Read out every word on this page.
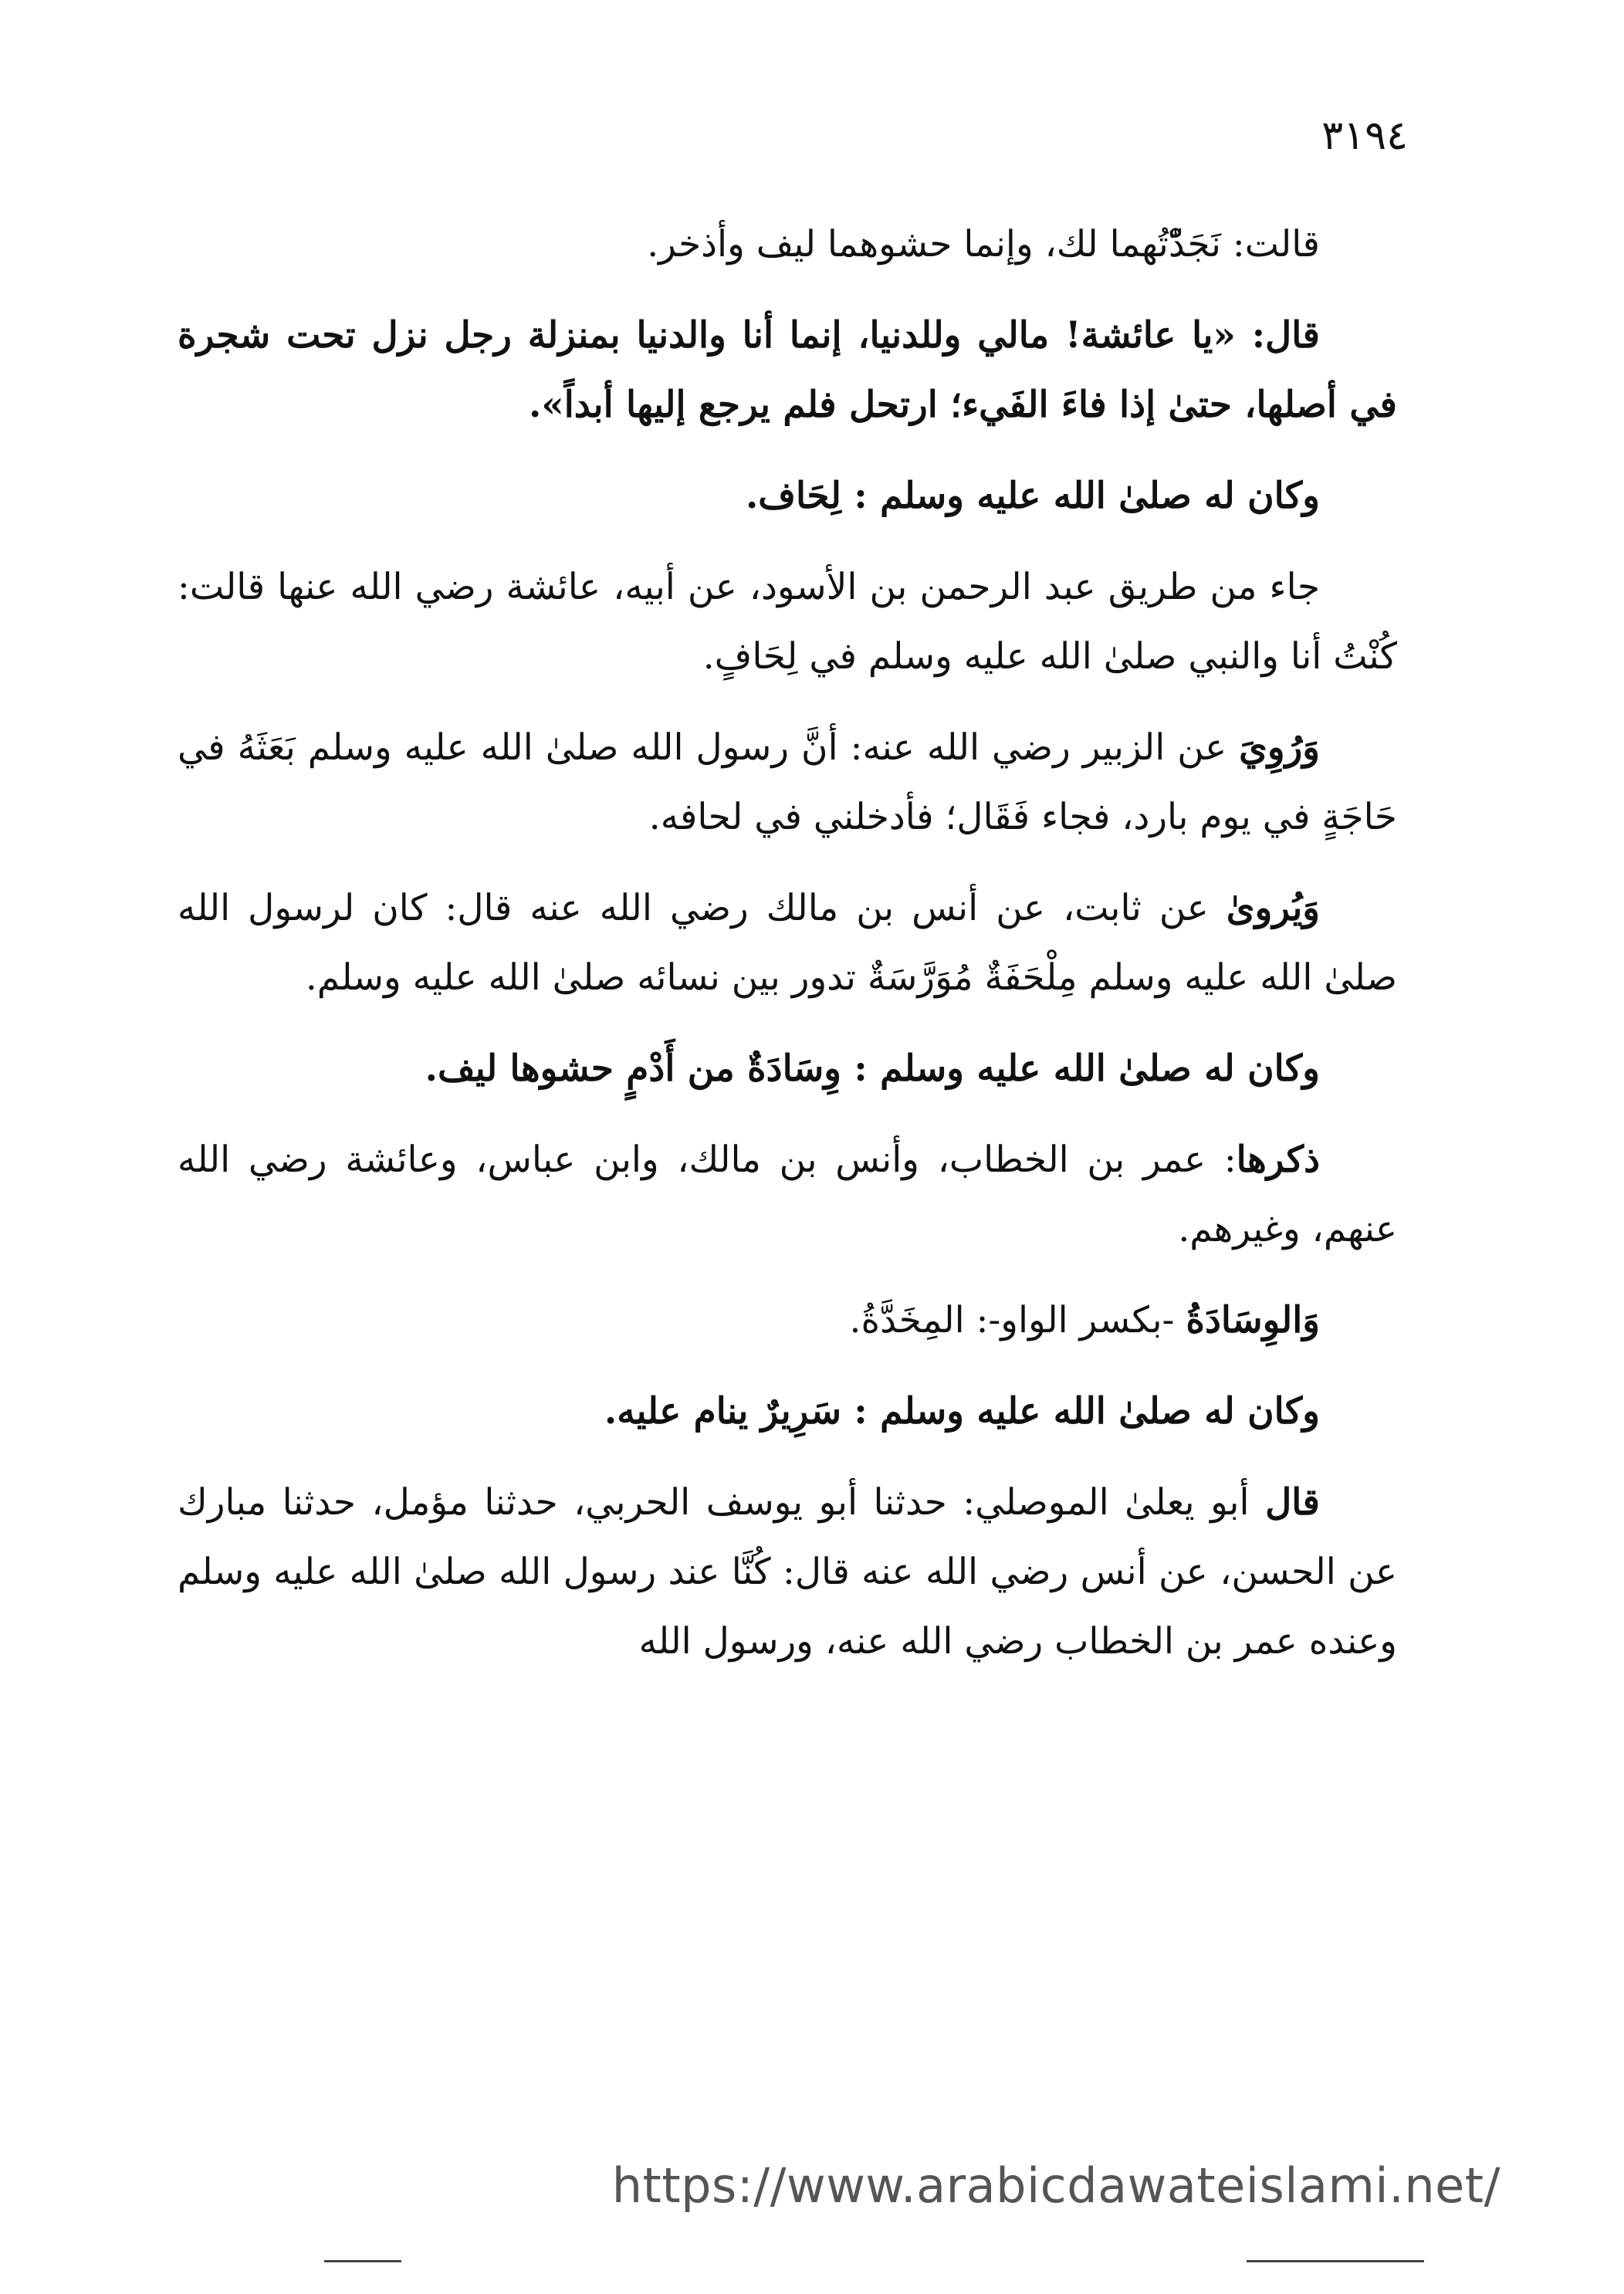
٣١٩٤

قالت: نَجَدّْتُهما لك، وإنما حشوهما ليف وأذخر.

قال: «يا عائشة! مالي وللدنيا، إنما أنا والدنيا بمنزلة رجل نزل تحت شجرة في أصلها، حتىٰ إذا فاءَ الفَيء؛ ارتحل فلم يرجع إليها أبداً».

وكان له صلىٰ الله عليه وسلم : لِحَاف.

جاء من طريق عبد الرحمن بن الأسود، عن أبيه، عائشة رضي الله عنها قالت: كُنْتُ أنا والنبي صلىٰ الله عليه وسلم في لِحَافٍ.

وَرُوِيَ عن الزبير رضي الله عنه: أنَّ رسول الله صلىٰ الله عليه وسلم بَعَثَهُ في حَاجَةٍ في يوم بارد، فجاء فَقَال؛ فأدخلني في لحافه.

وَيُروىٰ عن ثابت، عن أنس بن مالك رضي الله عنه قال: كان لرسول الله صلىٰ الله عليه وسلم مِلْحَفَةٌ مُوَرَّسَةٌ تدور بين نسائه صلىٰ الله عليه وسلم.

وكان له صلىٰ الله عليه وسلم : وِسَادَةٌ من أَدْمٍ حشوها ليف.

ذكرها: عمر بن الخطاب، وأنس بن مالك، وابن عباس، وعائشة رضي الله عنهم، وغيرهم.

وَالوِسَادَةُ -بكسر الواو-: المِخَدَّةُ.

وكان له صلىٰ الله عليه وسلم : سَرِيرٌ ينام عليه.

قال أبو يعلىٰ الموصلي: حدثنا أبو يوسف الحربي، حدثنا مؤمل، حدثنا مبارك عن الحسن، عن أنس رضي الله عنه قال: كُنَّا عند رسول الله صلىٰ الله عليه وسلم وعنده عمر بن الخطاب رضي الله عنه، ورسول الله

https://www.arabicdawateislami.net/
